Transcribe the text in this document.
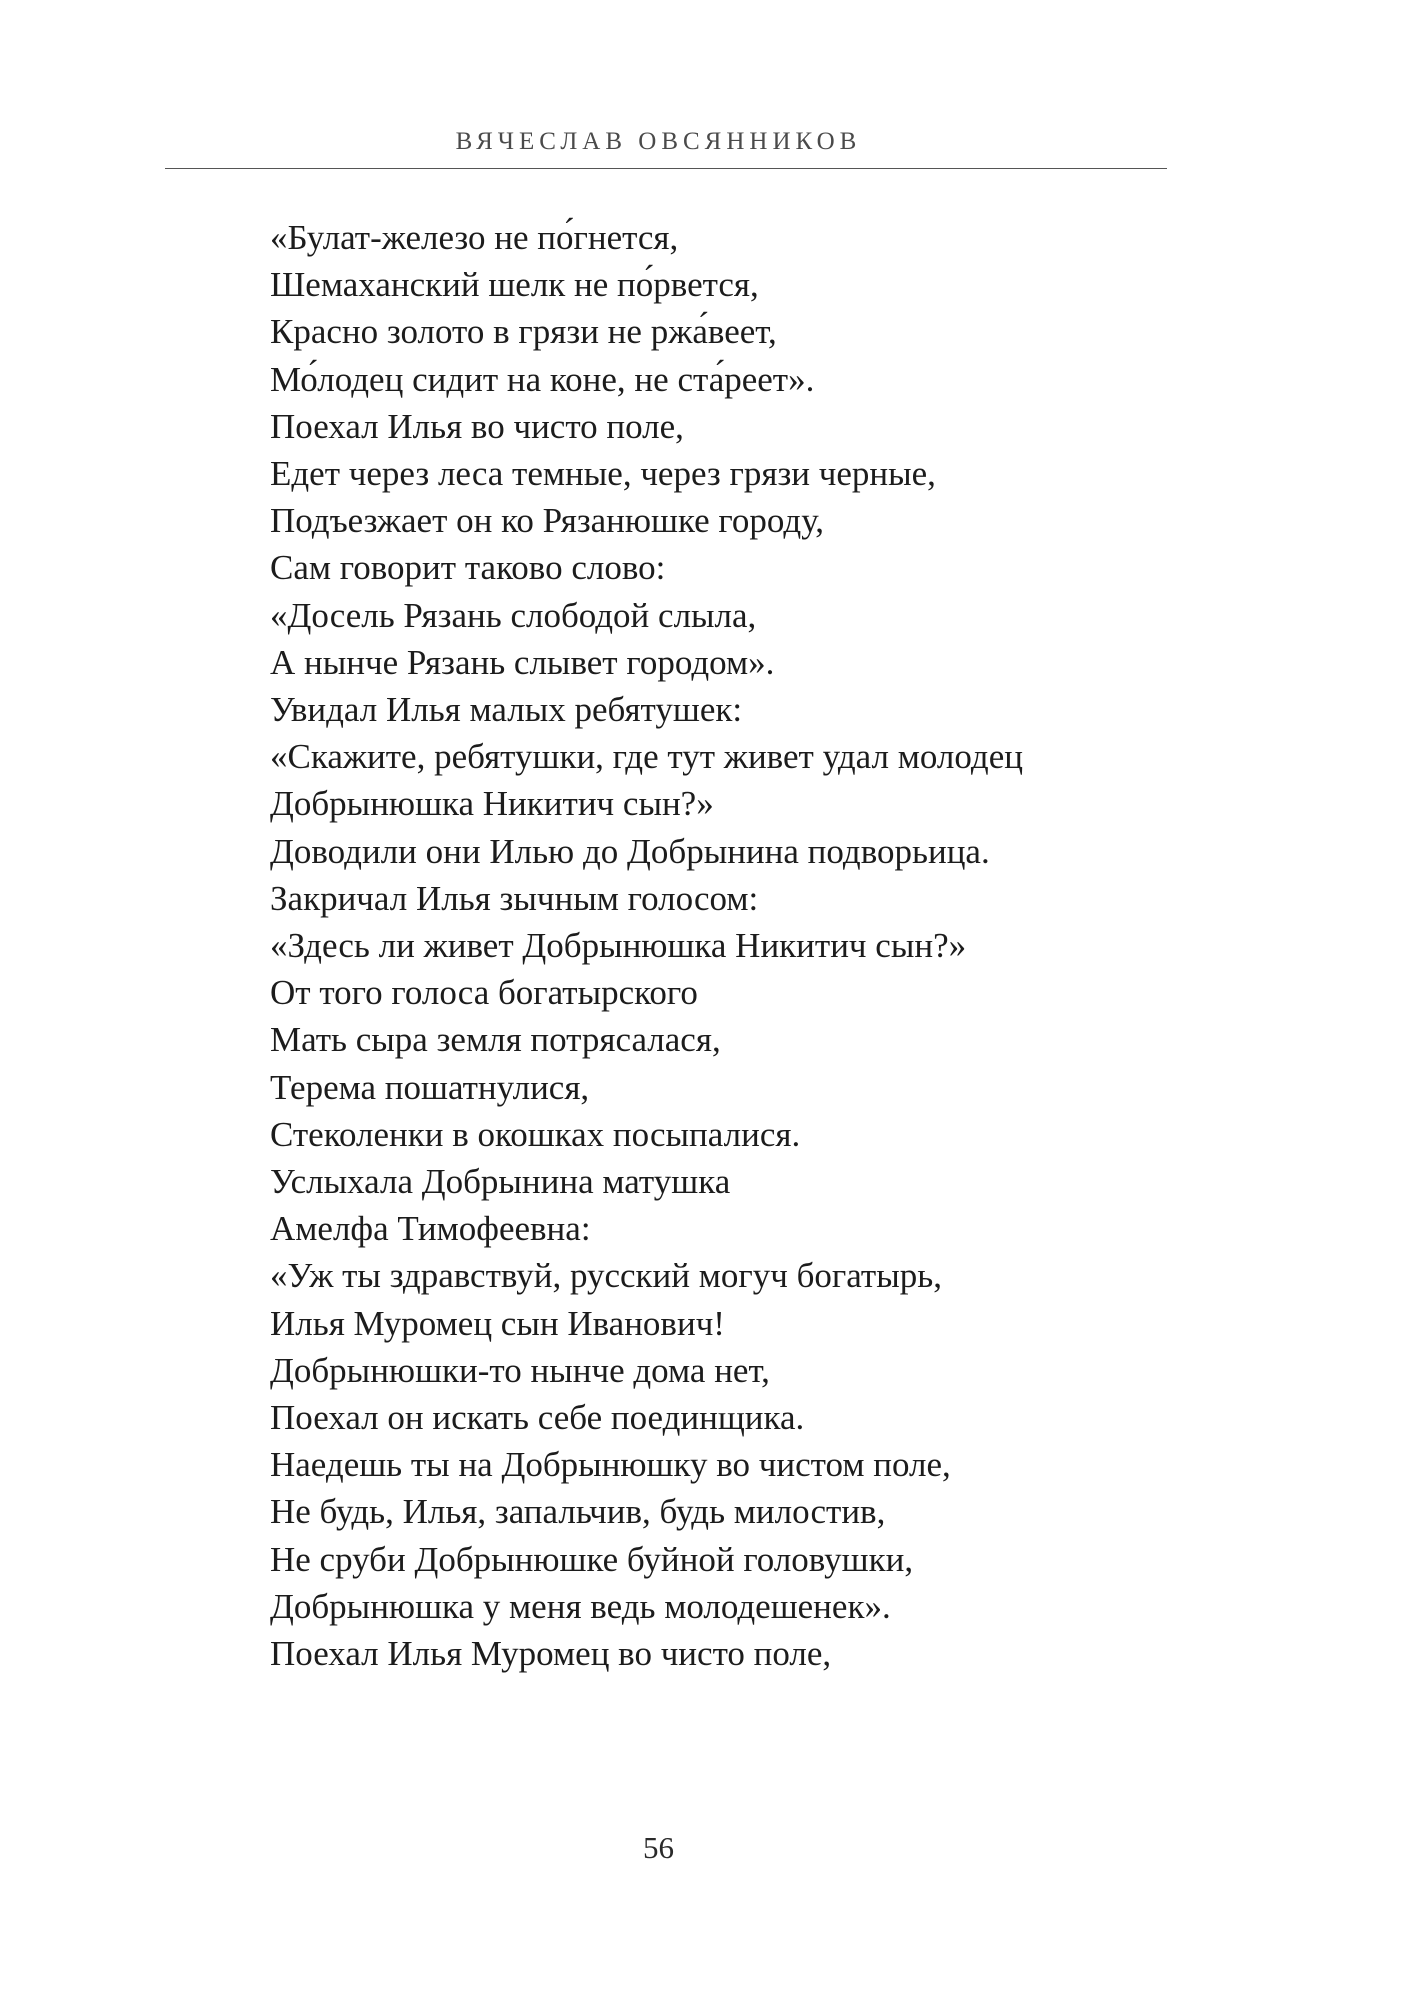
ВЯЧЕСЛАВ ОВСЯННИКОВ
«Булат-железо не по́гнется,
Шемаханский шелк не по́рвется,
Красно золото в грязи не ржа́веет,
Мо́лодец сидит на коне, не ста́реет».
Поехал Илья во чисто поле,
Едет через леса темные, через грязи черные,
Подъезжает он ко Рязанюшке городу,
Сам говорит таково слово:
«Досель Рязань слободой слыла,
А нынче Рязань слывет городом».
Увидал Илья малых ребятушек:
«Скажите, ребятушки, где тут живет удал молодец
Добрынюшка Никитич сын?»
Доводили они Илью до Добрынина подворьица.
Закричал Илья зычным голосом:
«Здесь ли живет Добрынюшка Никитич сын?»
От того голоса богатырского
Мать сыра земля потрясалася,
Терема пошатнулися,
Стеколенки в окошках посыпалися.
Услыхала Добрынина матушка
Амелфа Тимофеевна:
«Уж ты здравствуй, русский могуч богатырь,
Илья Муромец сын Иванович!
Добрынюшки-то нынче дома нет,
Поехал он искать себе поединщика.
Наедешь ты на Добрынюшку во чистом поле,
Не будь, Илья, запальчив, будь милостив,
Не сруби Добрынюшке буйной головушки,
Добрынюшка у меня ведь молодешенек».
Поехал Илья Муромец во чисто поле,
56
